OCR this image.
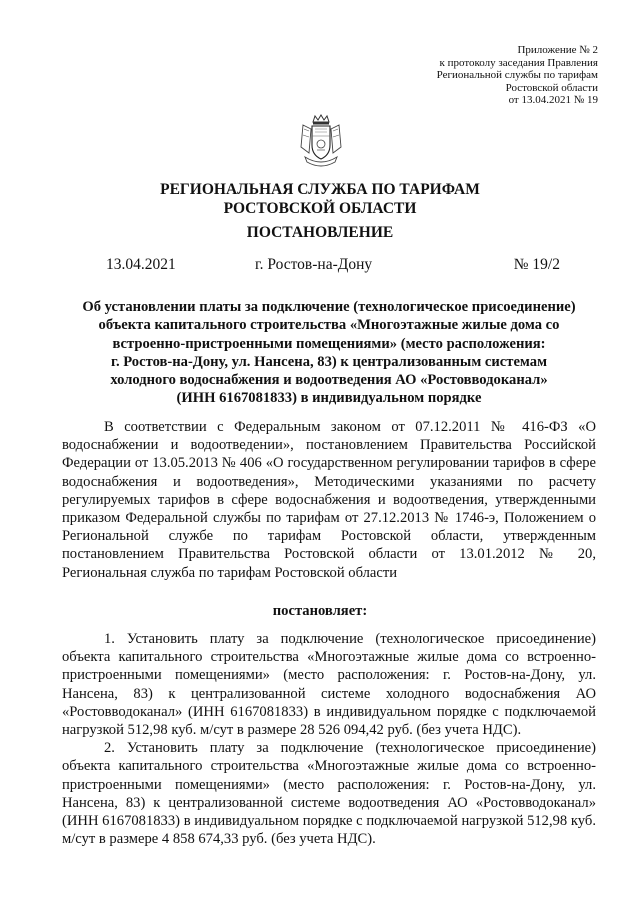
Приложение № 2
к протоколу заседания Правления
Региональной службы по тарифам
Ростовской области
от 13.04.2021 № 19
РЕГИОНАЛЬНАЯ СЛУЖБА ПО ТАРИФАМ
РОСТОВСКОЙ ОБЛАСТИ
ПОСТАНОВЛЕНИЕ
13.04.2021	г. Ростов-на-Дону	№ 19/2
Об установлении платы за подключение (технологическое присоединение)
объекта капитального строительства «Многоэтажные жилые дома со
встроенно-пристроенными помещениями» (место расположения:
г. Ростов-на-Дону, ул. Нансена, 83) к централизованным системам
холодного водоснабжения и водоотведения АО «Ростовводоканал»
(ИНН 6167081833) в индивидуальном порядке

В соответствии с Федеральным законом от 07.12.2011 № 416-ФЗ «О водоснабжении и водоотведении», постановлением Правительства Российской Федерации от 13.05.2013 № 406 «О государственном регулировании тарифов в сфере водоснабжения и водоотведения», Методическими указаниями по расчету регулируемых тарифов в сфере водоснабжения и водоотведения, утвержденными приказом Федеральной службы по тарифам от 27.12.2013 № 1746-э, Положением о Региональной службе по тарифам Ростовской области, утвержденным постановлением Правительства Ростовской области от 13.01.2012 № 20, Региональная служба по тарифам Ростовской области

постановляет:

1. Установить плату за подключение (технологическое присоединение) объекта капитального строительства «Многоэтажные жилые дома со встроенно-пристроенными помещениями» (место расположения: г. Ростов-на-Дону, ул. Нансена, 83) к централизованной системе холодного водоснабжения АО «Ростовводоканал» (ИНН 6167081833) в индивидуальном порядке с подключаемой нагрузкой 512,98 куб. м/сут в размере 28 526 094,42 руб. (без учета НДС).

2. Установить плату за подключение (технологическое присоединение) объекта капитального строительства «Многоэтажные жилые дома со встроенно-пристроенными помещениями» (место расположения: г. Ростов-на-Дону, ул. Нансена, 83) к централизованной системе водоотведения АО «Ростовводоканал» (ИНН 6167081833) в индивидуальном порядке с подключаемой нагрузкой 512,98 куб. м/сут в размере 4 858 674,33 руб. (без учета НДС).
